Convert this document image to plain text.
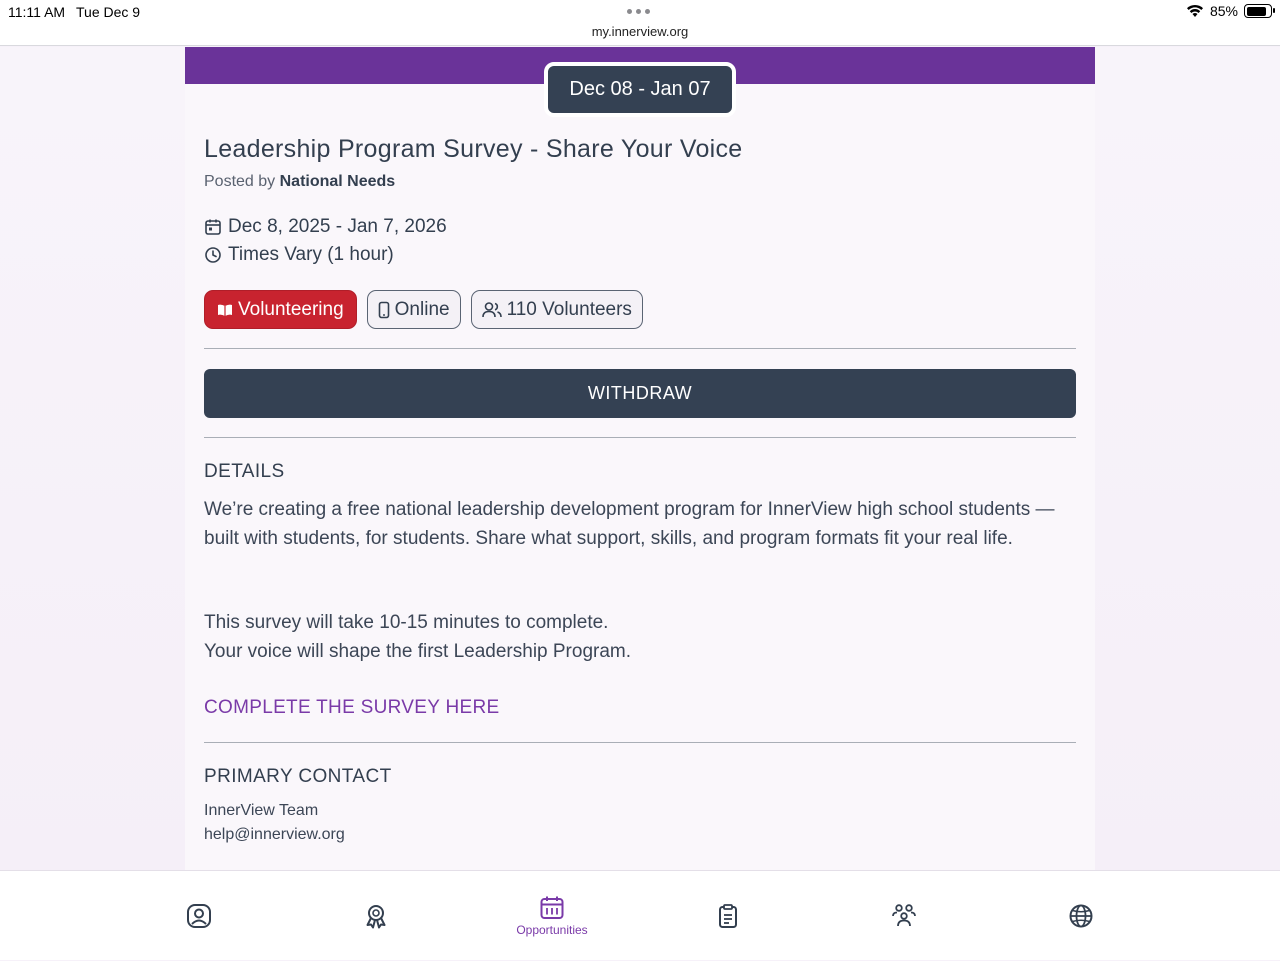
11:11 AM Tue Dec 9
my.innerview.org
85%
Dec 08 - Jan 07
Leadership Program Survey - Share Your Voice
Posted by National Needs
Dec 8, 2025 - Jan 7, 2026
Times Vary (1 hour)
Volunteering	Online	110 Volunteers
WITHDRAW
DETAILS
We’re creating a free national leadership development program for InnerView high school students — built with students, for students. Share what support, skills, and program formats fit your real life.
This survey will take 10-15 minutes to complete.
Your voice will shape the first Leadership Program.
COMPLETE THE SURVEY HERE
PRIMARY CONTACT
InnerView Team
help@innerview.org
Opportunities
